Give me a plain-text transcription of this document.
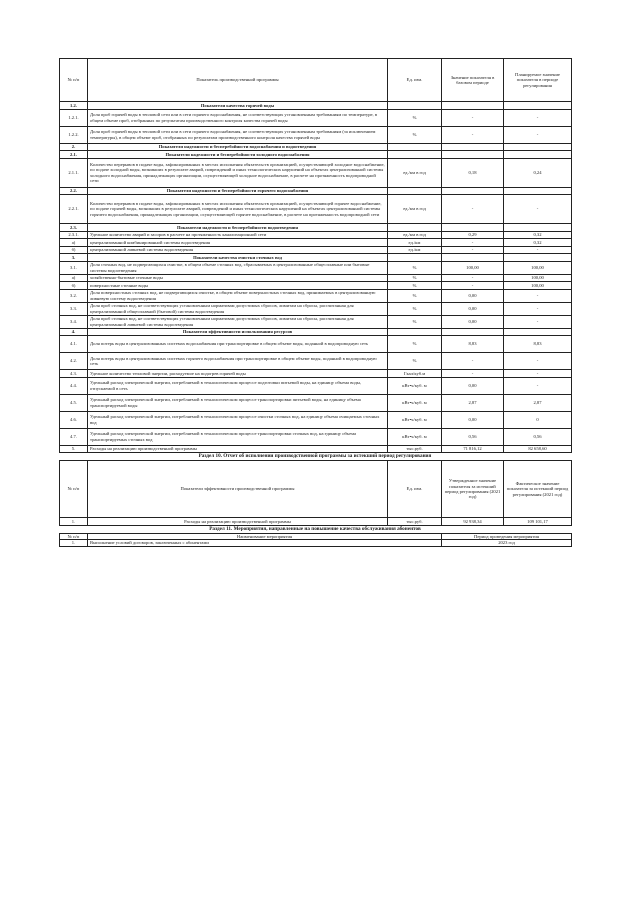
№ п/п	Показатель производственной программы	Ед. изм.	Значение показателя в базовом периоде	Планируемое значение показателя в периоде регулирования
1.2.	Показатели качества горячей воды			
1.2.1.	Доля проб горячей воды в тепловой сети или в сети горячего водоснабжения, не соответствующих установленным требованиям по температуре, в общем объеме проб, отобранных по результатам производственного контроля качества горячей воды	%	-	-
1.2.2.	Доля проб горячей воды в тепловой сети или в сети горячего водоснабжения, не соответствующих установленным требованиям (за исключением температуры), в общем объеме проб, отобранных по результатам производственного контроля качества горячей воды	%	-	-
2.	Показатели надежности и бесперебойности водоснабжения и водоотведения			
2.1.	Показатели надежности и бесперебойности холодного водоснабжения			
2.1.1.	Количество перерывов в подаче воды, зафиксированных в местах исполнения обязательств организацией, осуществляющей холодное водоснабжение, по подаче холодной воды, возникших в результате аварий, повреждений и иных технологических нарушений на объектах централизованной системы холодного водоснабжения, принадлежащих организации, осуществляющей холодное водоснабжение, в расчете на протяженность водопроводной сети	ед./км в год	0,18	0,24
2.2.	Показатели надежности и бесперебойности горячего водоснабжения			
2.2.1.	Количество перерывов в подаче воды, зафиксированных в местах исполнения обязательств организацией, осуществляющей горячее водоснабжение, по подаче горячей воды, возникших в результате аварий, повреждений и иных технологических нарушений на объектах централизованной системы горячего водоснабжения, принадлежащих организации, осуществляющей горячее водоснабжение, в расчете на протяженность водопроводной сети	ед./км в год	-	-
2.3.	Показатели надежности и бесперебойности водоотведения			
2.3.1.	Удельное количество аварий и засоров в расчете на протяженность канализационной сети	ед./км в год	0,29	0,32
а)	централизованной комбинированной системы водоотведения	ед./км	-	0,32
б)	централизованной ливневой системы водоотведения	ед./км	-	-
3.	Показатели качества очистки сточных вод			
3.1.	Доля сточных вод, не подвергающихся очистке, в общем объеме сточных вод, сбрасываемых в централизованные общесплавные или бытовые системы водоотведения	%	100,00	100,00
а)	хозяйственно-бытовые сточные воды	%	-	100,00
б)	поверхностные сточные воды	%	-	100,00
3.2.	Доля поверхностных сточных вод, не подвергающихся очистке, в общем объеме поверхностных сточных вод, принимаемых в централизованную ливневую систему водоотведения	%	0,00	-
3.3.	Доля проб сточных вод, не соответствующих установленным нормативам допустимых сбросов, лимитам на сбросы, рассчитанная для централизованной общесплавной (бытовой) системы водоотведения	%	0,00	-
3.4.	Доля проб сточных вод, не соответствующих установленным нормативам допустимых сбросов, лимитам на сбросы, рассчитанная для централизованной ливневой системы водоотведения	%	0,00	-
4.	Показатели эффективности использования ресурсов			
4.1.	Доля потерь воды в централизованных системах водоснабжения при транспортировке в общем объеме воды, поданной в водопроводную сеть	%	8,83	8,83
4.2.	Доля потерь воды в централизованных системах горячего водоснабжения при транспортировке в общем объеме воды, поданной в водопроводную сеть	%	-	-
4.3.	Удельное количество тепловой энергии, расходуемое на подогрев горячей воды	Гкал/куб.м	-	-
4.4.	Удельный расход электрической энергии, потребляемой в технологическом процессе подготовки питьевой воды, на единицу объема воды, отпускаемой в сеть	кВт•ч/куб. м	0,00	-
4.5.	Удельный расход электрической энергии, потребляемой в технологическом процессе транспортировки питьевой воды, на единицу объема транспортируемой воды	кВт•ч/куб. м	2,87	2,87
4.6.	Удельный расход электрической энергии, потребляемой в технологическом процессе очистки сточных вод, на единицу объема очищаемых сточных вод	кВт•ч/куб. м	0,00	0
4.7.	Удельный расход электрической энергии, потребляемой в технологическом процессе транспортировки сточных вод, на единицу объема транспортируемых сточных вод	кВт•ч/куб. м	0,56	0,56
5.	Расходы на реализацию производственной программы	тыс.руб.	71 816,12	82 658,60
Раздел 10. Отчет об исполнении производственной программы за истекший период регулирования
№ п/п	Показатели эффективности производственной программы	Ед. изм.	Утвержденное значение показателя за истекший период регулирования (2021 год)	Фактическое значение показателя за истекший период регулирования (2021 год)
1.	Расходы на реализацию производственной программы	тыс.руб.	92 938,34	109 101,17
Раздел 11. Мероприятия, направленные на повышение качества обслуживания абонентов
№ п/п	Наименование мероприятия	Период проведения мероприятия
1.	Выполнение условий договоров, заключенных с абонентами	2023 год
